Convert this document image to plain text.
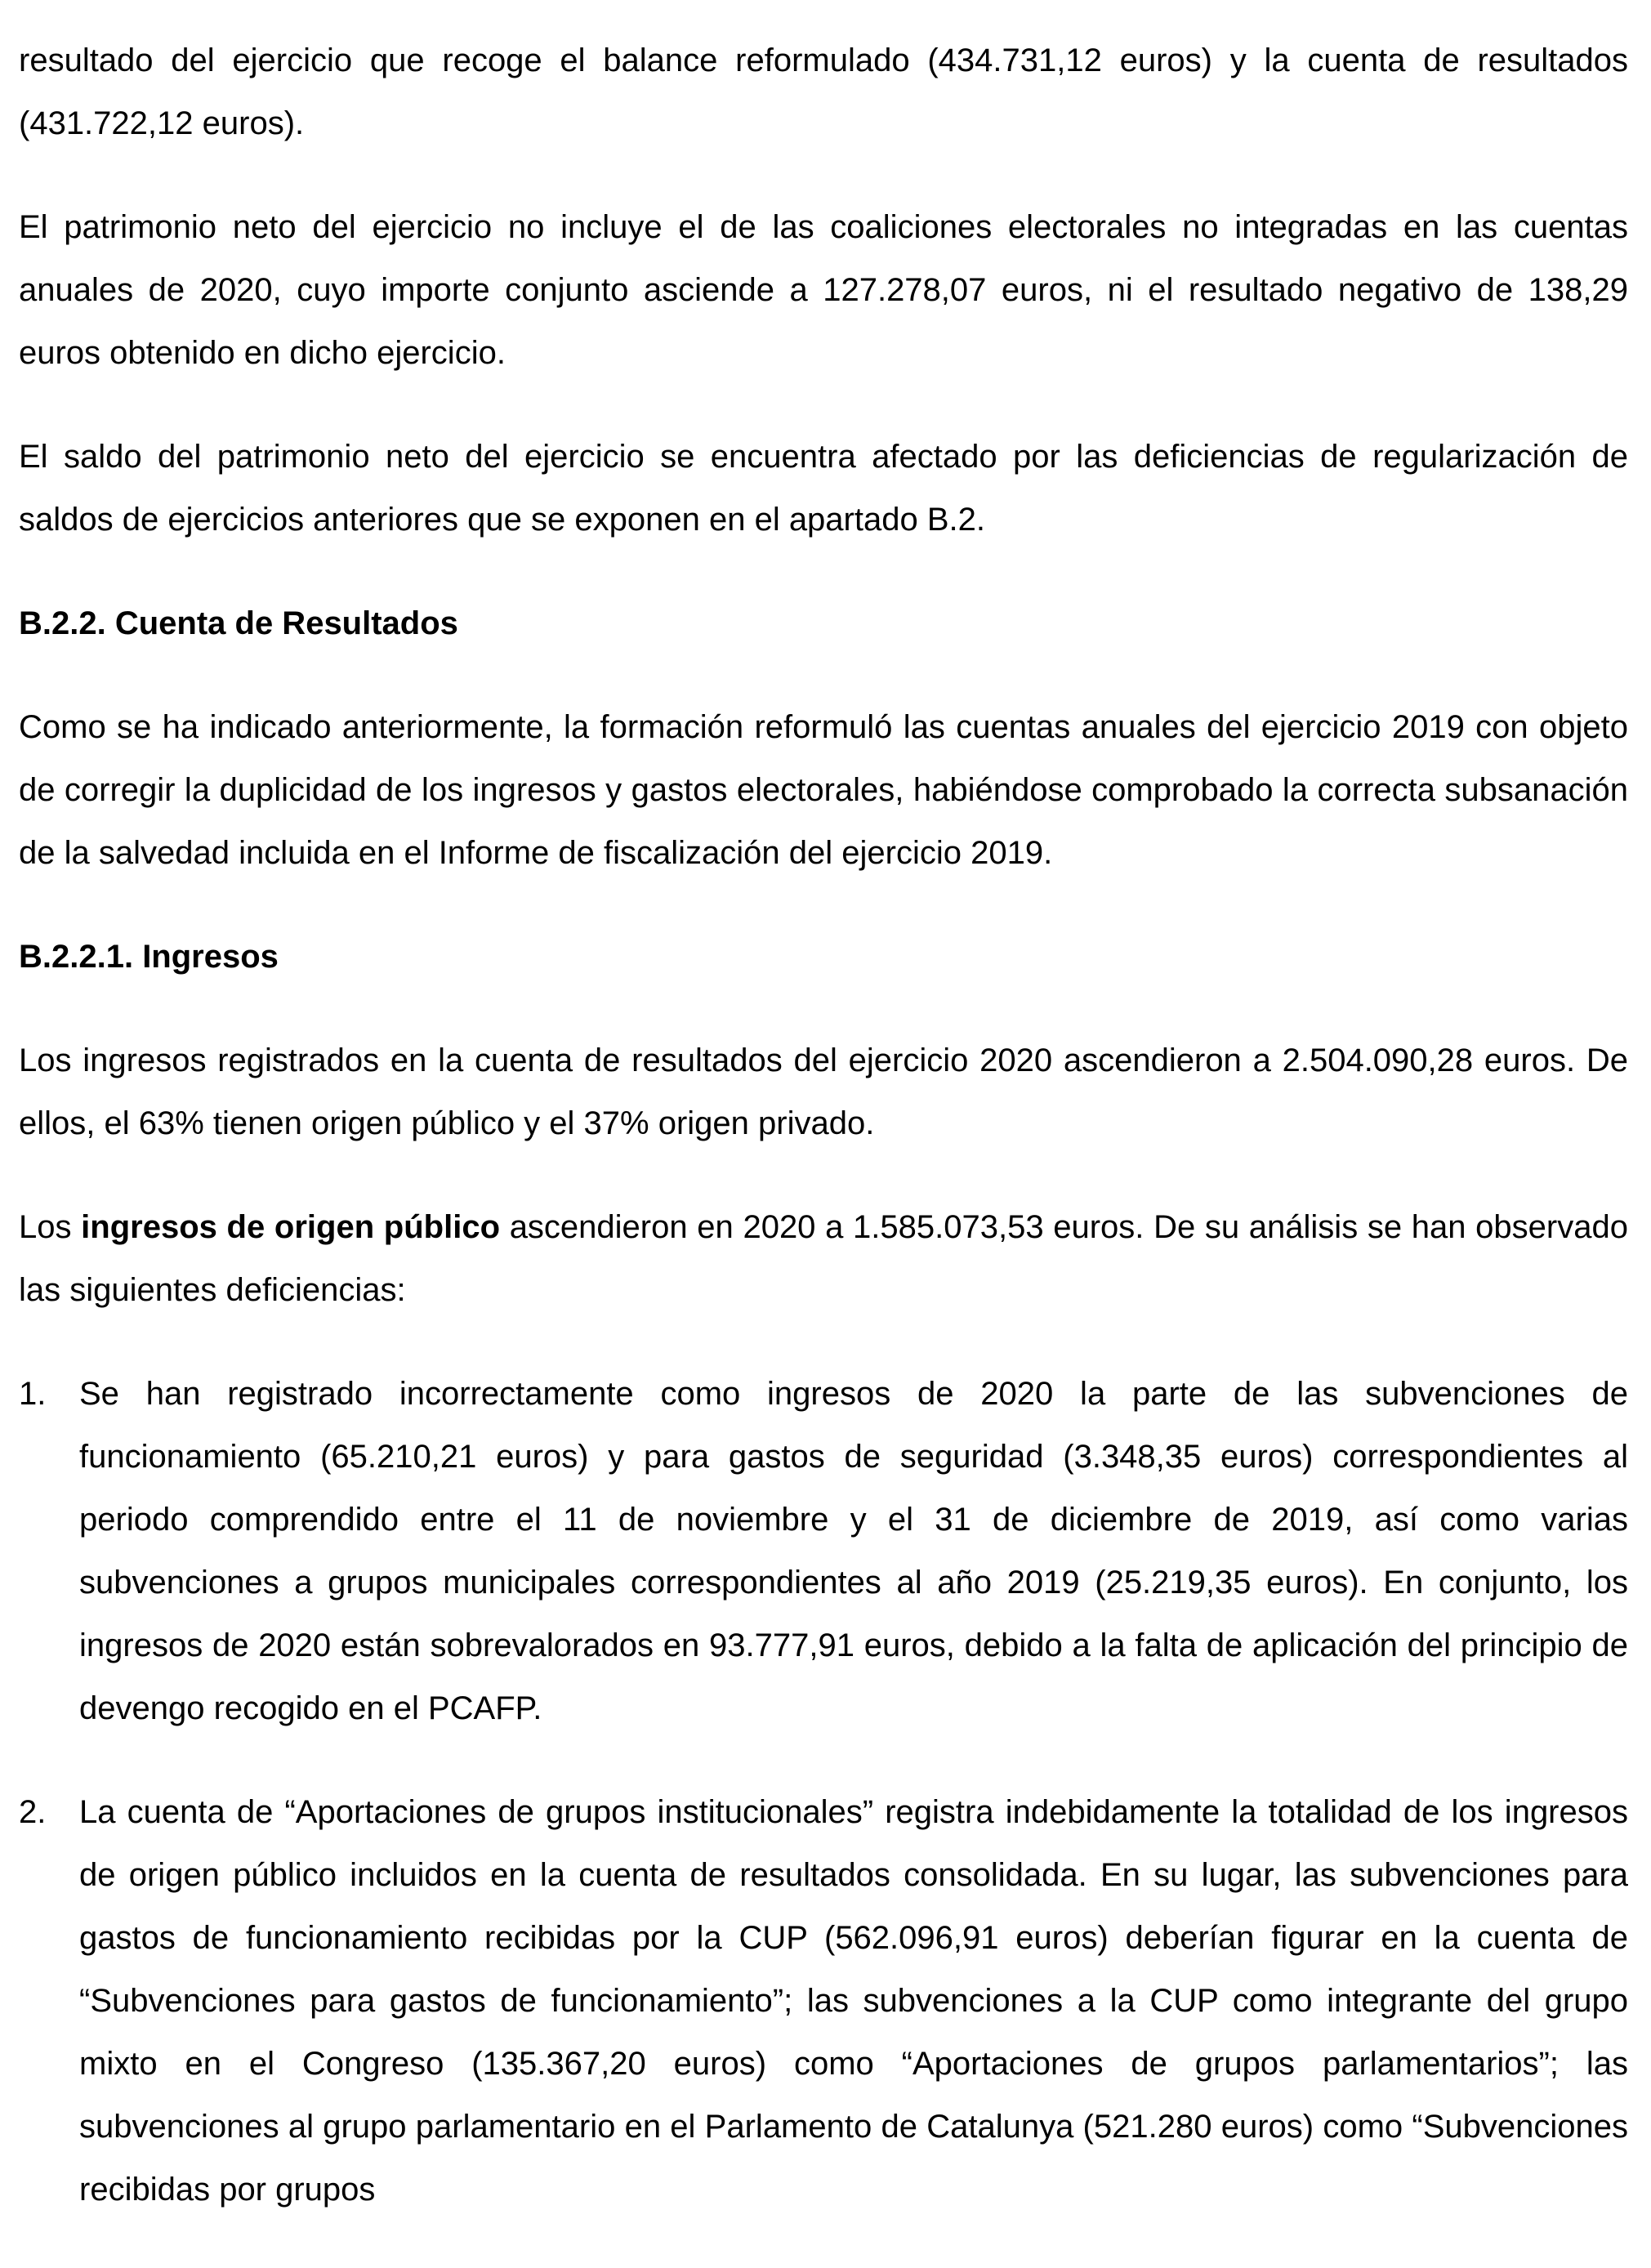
resultado del ejercicio que recoge el balance reformulado (434.731,12 euros) y la cuenta de resultados (431.722,12 euros).

El patrimonio neto del ejercicio no incluye el de las coaliciones electorales no integradas en las cuentas anuales de 2020, cuyo importe conjunto asciende a 127.278,07 euros, ni el resultado negativo de 138,29 euros obtenido en dicho ejercicio.

El saldo del patrimonio neto del ejercicio se encuentra afectado por las deficiencias de regularización de saldos de ejercicios anteriores que se exponen en el apartado B.2.

B.2.2. Cuenta de Resultados

Como se ha indicado anteriormente, la formación reformuló las cuentas anuales del ejercicio 2019 con objeto de corregir la duplicidad de los ingresos y gastos electorales, habiéndose comprobado la correcta subsanación de la salvedad incluida en el Informe de fiscalización del ejercicio 2019.

B.2.2.1. Ingresos

Los ingresos registrados en la cuenta de resultados del ejercicio 2020 ascendieron a 2.504.090,28 euros. De ellos, el 63% tienen origen público y el 37% origen privado.

Los ingresos de origen público ascendieron en 2020 a 1.585.073,53 euros. De su análisis se han observado las siguientes deficiencias:

1. Se han registrado incorrectamente como ingresos de 2020 la parte de las subvenciones de funcionamiento (65.210,21 euros) y para gastos de seguridad (3.348,35 euros) correspondientes al periodo comprendido entre el 11 de noviembre y el 31 de diciembre de 2019, así como varias subvenciones a grupos municipales correspondientes al año 2019 (25.219,35 euros). En conjunto, los ingresos de 2020 están sobrevalorados en 93.777,91 euros, debido a la falta de aplicación del principio de devengo recogido en el PCAFP.
2. La cuenta de “Aportaciones de grupos institucionales” registra indebidamente la totalidad de los ingresos de origen público incluidos en la cuenta de resultados consolidada. En su lugar, las subvenciones para gastos de funcionamiento recibidas por la CUP (562.096,91 euros) deberían figurar en la cuenta de “Subvenciones para gastos de funcionamiento”; las subvenciones a la CUP como integrante del grupo mixto en el Congreso (135.367,20 euros) como “Aportaciones de grupos parlamentarios”; las subvenciones al grupo parlamentario en el Parlamento de Catalunya (521.280 euros) como “Subvenciones recibidas por grupos
